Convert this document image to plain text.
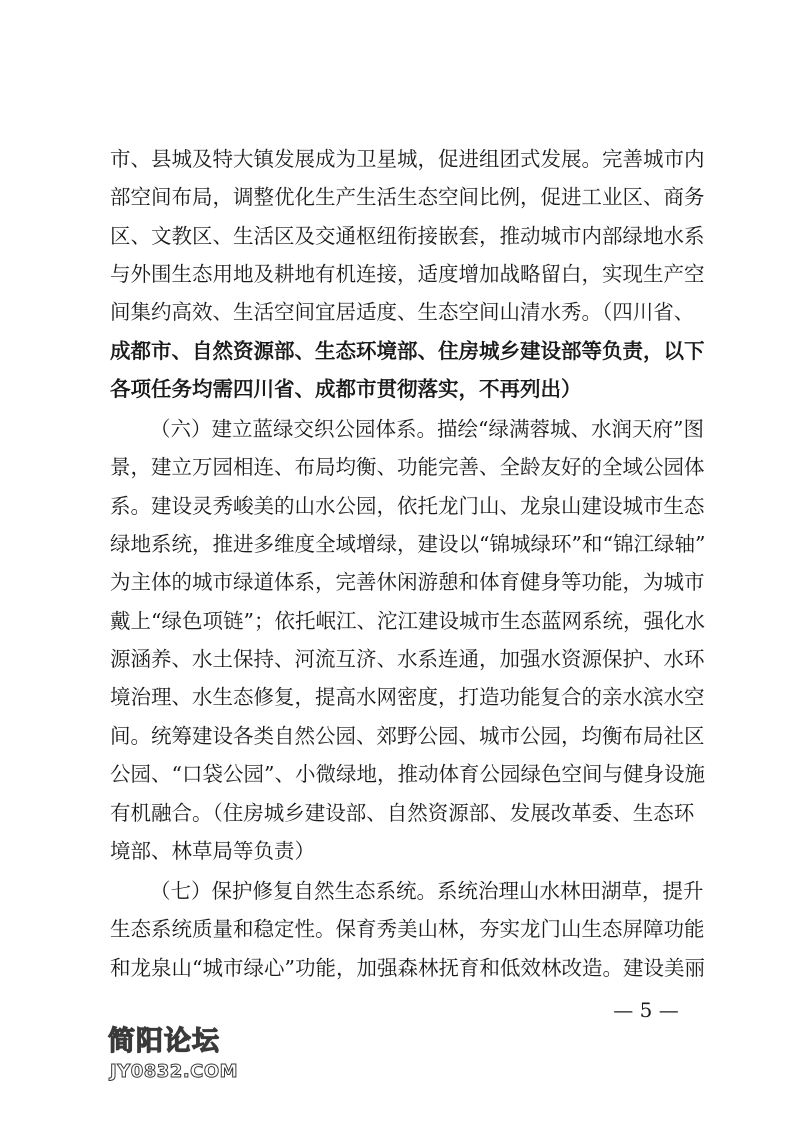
市、县城及特大镇发展成为卫星城，促进组团式发展。完善城市内
部空间布局，调整优化生产生活生态空间比例，促进工业区、商务
区、文教区、生活区及交通枢纽衔接嵌套，推动城市内部绿地水系
与外围生态用地及耕地有机连接，适度增加战略留白，实现生产空
间集约高效、生活空间宜居适度、生态空间山清水秀。（四川省、
成都市、自然资源部、生态环境部、住房城乡建设部等负责，以下
各项任务均需四川省、成都市贯彻落实，不再列出）
（六）建立蓝绿交织公园体系。描绘“绿满蓉城、水润天府”图
景，建立万园相连、布局均衡、功能完善、全龄友好的全域公园体
系。建设灵秀峻美的山水公园，依托龙门山、龙泉山建设城市生态
绿地系统，推进多维度全域增绿，建设以“锦城绿环”和“锦江绿轴”
为主体的城市绿道体系，完善休闲游憩和体育健身等功能，为城市
戴上“绿色项链”；依托岷江、沱江建设城市生态蓝网系统，强化水
源涵养、水土保持、河流互济、水系连通，加强水资源保护、水环
境治理、水生态修复，提高水网密度，打造功能复合的亲水滨水空
间。统筹建设各类自然公园、郊野公园、城市公园，均衡布局社区
公园、“口袋公园”、小微绿地，推动体育公园绿色空间与健身设施
有机融合。（住房城乡建设部、自然资源部、发展改革委、生态环
境部、林草局等负责）
（七）保护修复自然生态系统。系统治理山水林田湖草，提升
生态系统质量和稳定性。保育秀美山林，夯实龙门山生态屏障功能
和龙泉山“城市绿心”功能，加强森林抚育和低效林改造。建设美丽
— 5 —
简阳论坛
JY0832.COM
